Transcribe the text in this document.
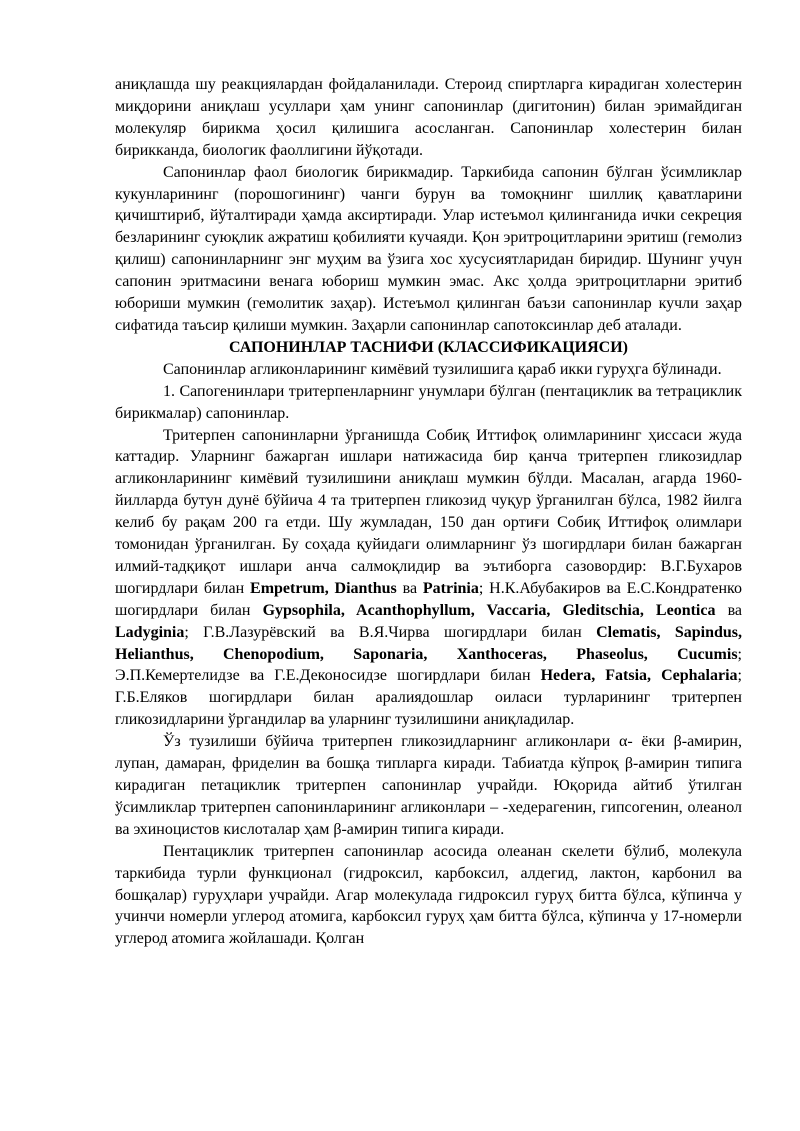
аниқлашда шу реакциялардан фойдаланилади. Стероид спиртларга кирадиган холестерин миқдорини аниқлаш усуллари ҳам унинг сапонинлар (дигитонин) билан эримайдиган молекуляр бирикма ҳосил қилишига асосланган. Сапонинлар холестерин билан бирикканда, биологик фаоллигини йўқотади.

Сапонинлар фаол биологик бирикмадир. Таркибида сапонин бўлган ўсимликлар кукунларининг (порошогининг) чанги бурун ва томоқнинг шиллиқ қаватларини қичиштириб, йўталтиради ҳамда аксиртиради. Улар истеъмол қилинганида ички секреция безларининг суюқлик ажратиш қобилияти кучаяди. Қон эритроцитларини эритиш (гемолиз қилиш) сапонинларнинг энг муҳим ва ўзига хос хусусиятларидан биридир. Шунинг учун сапонин эритмасини венага юбориш мумкин эмас. Акс ҳолда эритроцитларни эритиб юбориши мумкин (гемолитик заҳар). Истеъмол қилинган баъзи сапонинлар кучли заҳар сифатида таъсир қилиши мумкин. Заҳарли сапонинлар сапотоксинлар деб аталади.

САПОНИНЛАР ТАСНИФИ (КЛАССИФИКАЦИЯСИ)

Сапонинлар агликонларининг кимёвий тузилишига қараб икки гуруҳга бўлинади.

1. Сапогенинлари тритерпенларнинг унумлари бўлган (пентациклик ва тетрациклик бирикмалар) сапонинлар.

Тритерпен сапонинларни ўрганишда Собиқ Иттифоқ олимларининг ҳиссаси жуда каттадир. Уларнинг бажарган ишлари натижасида бир қанча тритерпен гликозидлар агликонларининг кимёвий тузилишини аниқлаш мумкин бўлди. Масалан, агарда 1960-йилларда бутун дунё бўйича 4 та тритерпен гликозид чуқур ўрганилган бўлса, 1982 йилга келиб бу рақам 200 га етди. Шу жумладан, 150 дан ортиғи Собиқ Иттифоқ олимлари томонидан ўрганилган. Бу соҳада қуйидаги олимларнинг ўз шогирдлари билан бажарган илмий-тадқиқот ишлари анча салмоқлидир ва эътиборга сазовордир: В.Г.Бухаров шогирдлари билан Empetrum, Dianthus ва Patrinia; Н.К.Абубакиров ва Е.С.Кондратенко шогирдлари билан Gypsophila, Acanthophyllum, Vaccaria, Gleditschia, Leontica ва Ladyginia; Г.В.Лазурёвский ва В.Я.Чирва шогирдлари билан Clematis, Sapindus, Helianthus, Chenopodium, Saponaria, Xanthoceras, Phaseolus, Cucumis; Э.П.Кемертелидзе ва Г.Е.Деконосидзе шогирдлари билан Hedera, Fatsia, Cephalaria; Г.Б.Еляков шогирдлари билан аралиядошлар оиласи турларининг тритерпен гликозидларини ўргандилар ва уларнинг тузилишини аниқладилар.

Ўз тузилиши бўйича тритерпен гликозидларнинг агликонлари α- ёки β-амирин, лупан, дамаран, фриделин ва бошқа типларга киради. Табиатда кўпроқ β-амирин типига кирадиган петациклик тритерпен сапонинлар учрайди. Юқорида айтиб ўтилган ўсимликлар тритерпен сапонинларининг агликонлари – -хедерагенин, гипсогенин, олеанол ва эхиноцистов кислоталар ҳам β-амирин типига киради.

Пентациклик тритерпен сапонинлар асосида олеанан скелети бўлиб, молекула таркибида турли функционал (гидроксил, карбоксил, алдегид, лактон, карбонил ва бошқалар) гуруҳлари учрайди. Агар молекулада гидроксил гуруҳ битта бўлса, кўпинча у учинчи номерли углерод атомига, карбоксил гуруҳ ҳам битта бўлса, кўпинча у 17-номерли углерод атомига жойлашади. Қолган
